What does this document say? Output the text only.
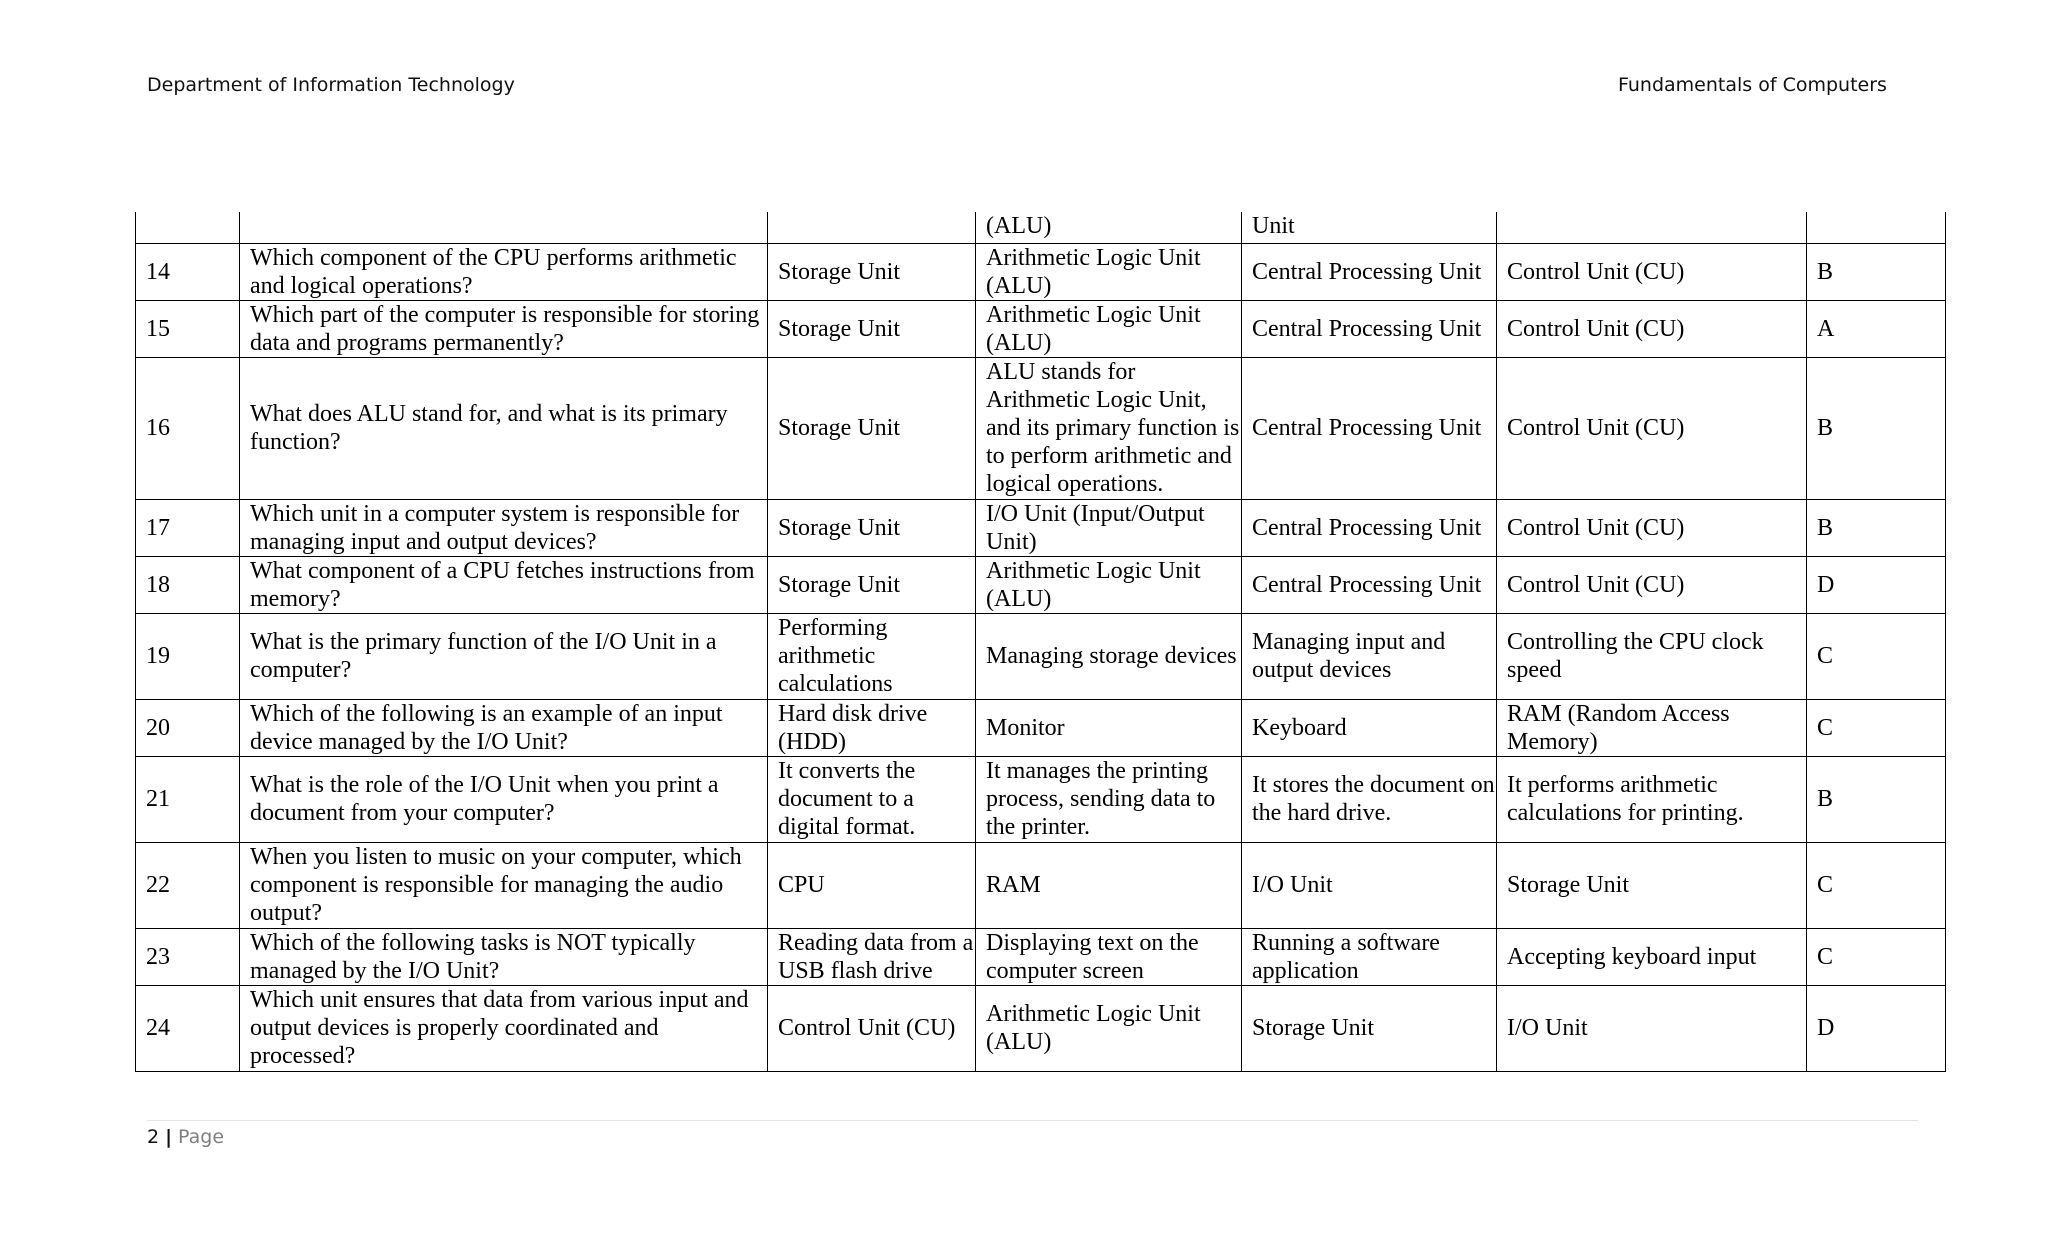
Department of Information Technology	Fundamentals of Computers
			(ALU)	Unit		
14	Which component of the CPU performs arithmetic and logical operations?	Storage Unit	Arithmetic Logic Unit (ALU)	Central Processing Unit	Control Unit (CU)	B
15	Which part of the computer is responsible for storing data and programs permanently?	Storage Unit	Arithmetic Logic Unit (ALU)	Central Processing Unit	Control Unit (CU)	A
16	What does ALU stand for, and what is its primary function?	Storage Unit	ALU stands for Arithmetic Logic Unit, and its primary function is to perform arithmetic and logical operations.	Central Processing Unit	Control Unit (CU)	B
17	Which unit in a computer system is responsible for managing input and output devices?	Storage Unit	I/O Unit (Input/Output Unit)	Central Processing Unit	Control Unit (CU)	B
18	What component of a CPU fetches instructions from memory?	Storage Unit	Arithmetic Logic Unit (ALU)	Central Processing Unit	Control Unit (CU)	D
19	What is the primary function of the I/O Unit in a computer?	Performing arithmetic calculations	Managing storage devices	Managing input and output devices	Controlling the CPU clock speed	C
20	Which of the following is an example of an input device managed by the I/O Unit?	Hard disk drive (HDD)	Monitor	Keyboard	RAM (Random Access Memory)	C
21	What is the role of the I/O Unit when you print a document from your computer?	It converts the document to a digital format.	It manages the printing process, sending data to the printer.	It stores the document on the hard drive.	It performs arithmetic calculations for printing.	B
22	When you listen to music on your computer, which component is responsible for managing the audio output?	CPU	RAM	I/O Unit	Storage Unit	C
23	Which of the following tasks is NOT typically managed by the I/O Unit?	Reading data from a USB flash drive	Displaying text on the computer screen	Running a software application	Accepting keyboard input	C
24	Which unit ensures that data from various input and output devices is properly coordinated and processed?	Control Unit (CU)	Arithmetic Logic Unit (ALU)	Storage Unit	I/O Unit	D
2 | Page
